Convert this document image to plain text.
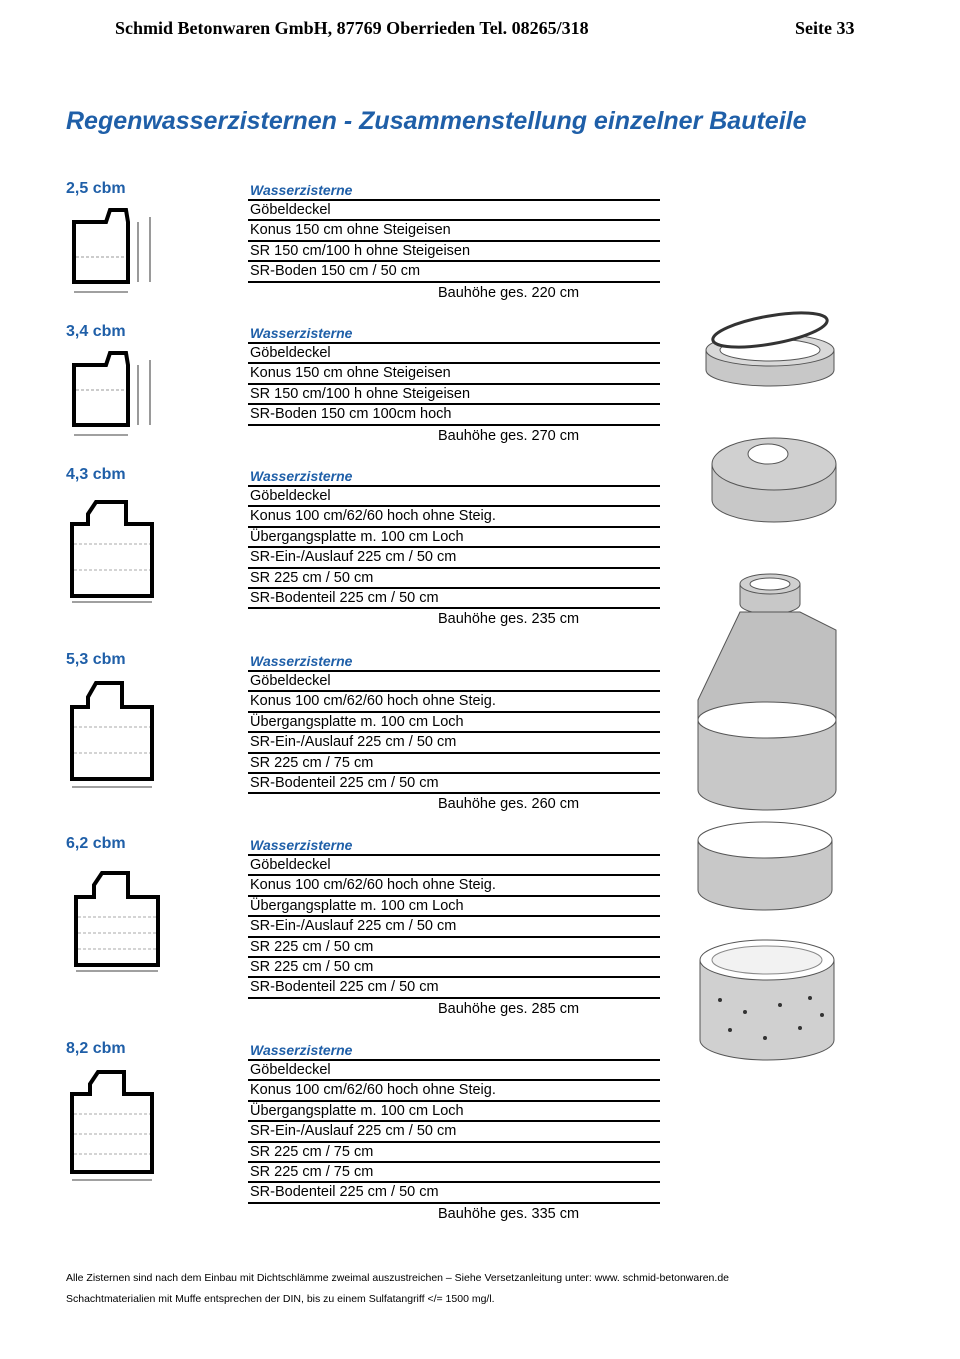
Schmid Betonwaren GmbH, 87769 Oberrieden Tel. 08265/318	Seite 33
Regenwasserzisternen - Zusammenstellung einzelner Bauteile
2,5 cbm	Wasserzisterne
Göbeldeckel
Konus 150 cm ohne Steigeisen
SR 150 cm/100 h ohne Steigeisen
SR-Boden 150 cm / 50 cm
Bauhöhe ges. 220 cm
3,4 cbm	Wasserzisterne
Göbeldeckel
Konus 150 cm ohne Steigeisen
SR 150 cm/100 h ohne Steigeisen
SR-Boden 150 cm 100cm hoch
Bauhöhe ges. 270 cm
4,3 cbm	Wasserzisterne
Göbeldeckel
Konus 100 cm/62/60 hoch ohne Steig.
Übergangsplatte m. 100 cm Loch
SR-Ein-/Auslauf 225 cm / 50 cm
SR 225 cm / 50 cm
SR-Bodenteil 225 cm / 50 cm
Bauhöhe ges. 235 cm
5,3 cbm	Wasserzisterne
Göbeldeckel
Konus 100 cm/62/60 hoch ohne Steig.
Übergangsplatte m. 100 cm Loch
SR-Ein-/Auslauf 225 cm / 50 cm
SR 225 cm / 75 cm
SR-Bodenteil 225 cm / 50 cm
Bauhöhe ges. 260 cm
6,2 cbm	Wasserzisterne
Göbeldeckel
Konus 100 cm/62/60 hoch ohne Steig.
Übergangsplatte m. 100 cm Loch
SR-Ein-/Auslauf 225 cm / 50 cm
SR 225 cm / 50 cm
SR 225 cm / 50 cm
SR-Bodenteil 225 cm / 50 cm
Bauhöhe ges. 285 cm
8,2 cbm	Wasserzisterne
Göbeldeckel
Konus 100 cm/62/60 hoch ohne Steig.
Übergangsplatte m. 100 cm Loch
SR-Ein-/Auslauf 225 cm / 50 cm
SR 225 cm / 75 cm
SR 225 cm / 75 cm
SR-Bodenteil 225 cm / 50 cm
Bauhöhe ges. 335 cm
Alle Zisternen sind nach dem Einbau mit Dichtschlämme zweimal auszustreichen – Siehe Versetzanleitung unter: www. schmid-betonwaren.de
Schachtmaterialien mit Muffe entsprechen der DIN, bis zu einem Sulfatangriff </= 1500 mg/l.
